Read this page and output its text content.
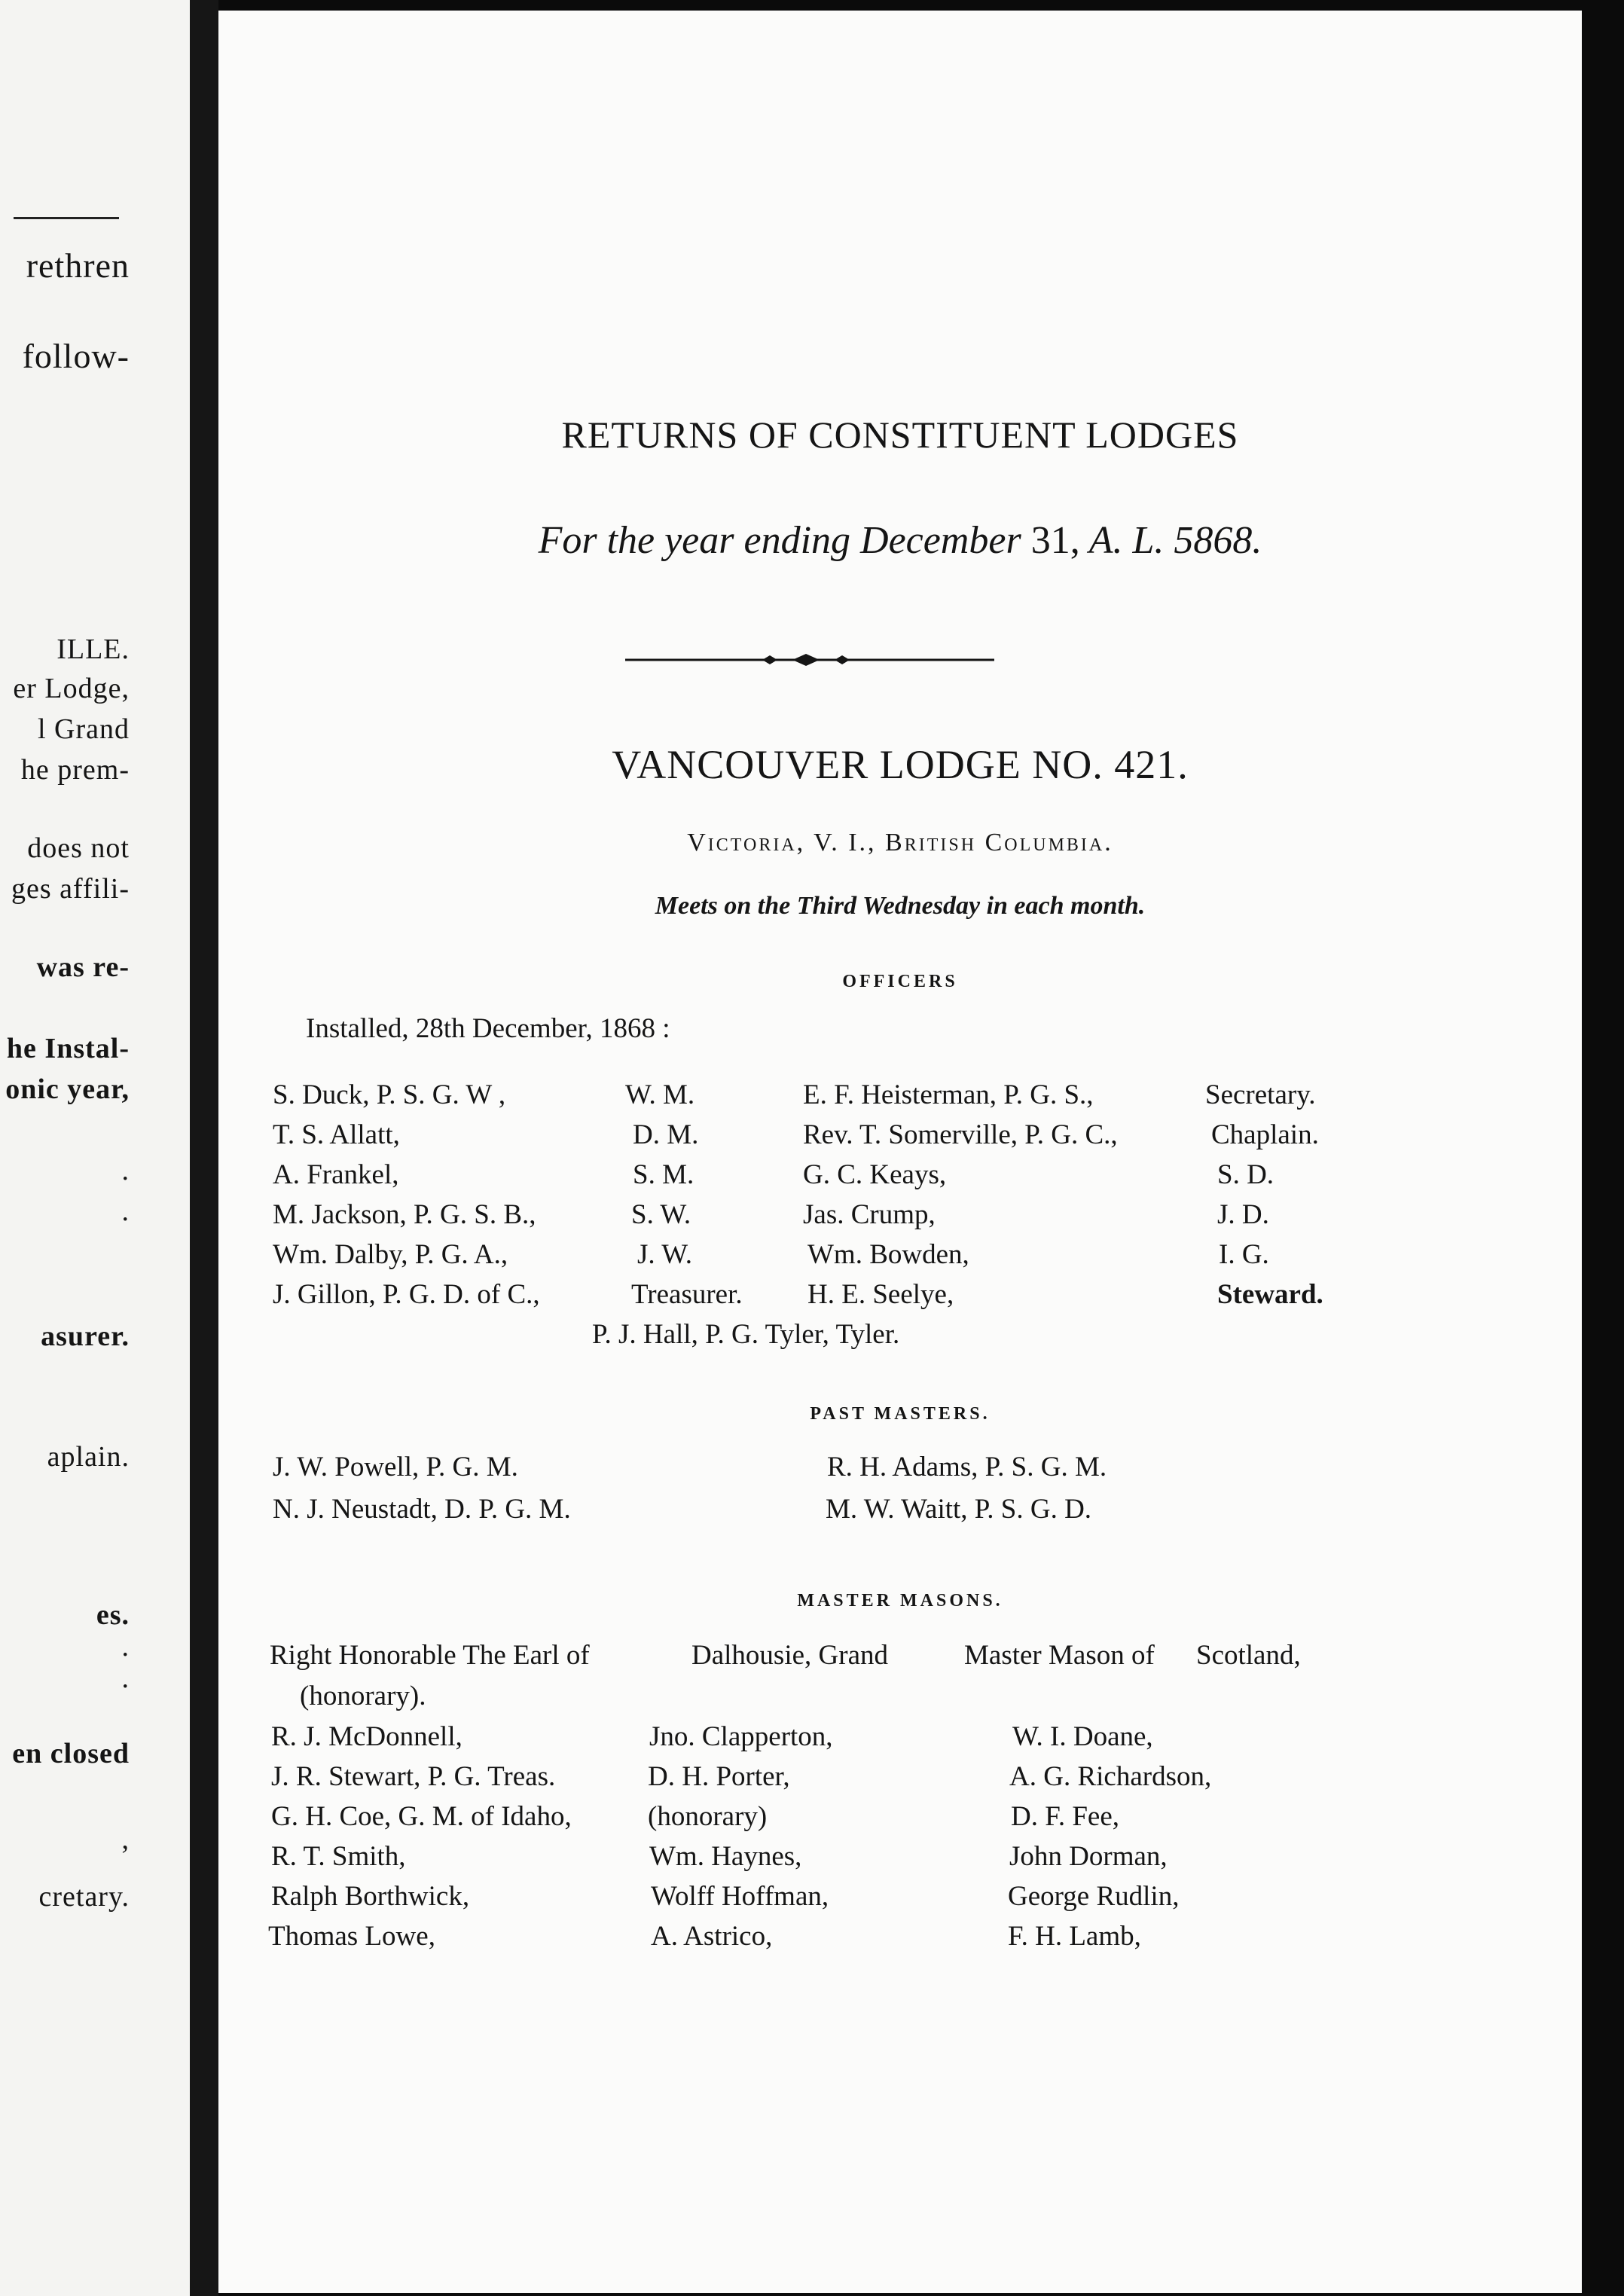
rethren
follow-
ILLE.
er Lodge,
l Grand
he prem-
does not
ges affili-
was re-
he Instal-
onic year,
.
.
asurer.
aplain.
es.
.
.
en closed
,
cretary.
RETURNS OF CONSTITUENT LODGES
For the year ending December 31, A. L. 5868.
VANCOUVER LODGE NO. 421.
Victoria, V. I., British Columbia.
Meets on the Third Wednesday in each month.
OFFICERS
Installed, 28th December, 1868 :
S. Duck, P. S. G. W ,
T. S. Allatt,
A. Frankel,
M. Jackson, P. G. S. B.,
Wm. Dalby, P. G. A.,
J. Gillon, P. G. D. of C.,
W. M.
D. M.
S. M.
S. W.
J. W.
Treasurer.
E. F. Heisterman, P. G. S.,
Rev. T. Somerville, P. G. C.,
G. C. Keays,
Jas. Crump,
Wm. Bowden,
H. E. Seelye,
Secretary.
Chaplain.
S. D.
J. D.
I. G.
Steward.
P. J. Hall, P. G. Tyler, Tyler.
PAST MASTERS.
J. W. Powell, P. G. M.
N. J. Neustadt, D. P. G. M.
R. H. Adams, P. S. G. M.
M. W. Waitt, P. S. G. D.
MASTER MASONS.
Right Honorable The Earl of	Dalhousie, Grand	Master Mason of Scotland,
(honorary).
R. J. McDonnell,
J. R. Stewart, P. G. Treas.
G. H. Coe, G. M. of Idaho,
R. T. Smith,
Ralph Borthwick,
Thomas Lowe,
Jno. Clapperton,
D. H. Porter,
(honorary)
Wm. Haynes,
Wolff Hoffman,
A. Astrico,
W. I. Doane,
A. G. Richardson,
D. F. Fee,
John Dorman,
George Rudlin,
F. H. Lamb,
